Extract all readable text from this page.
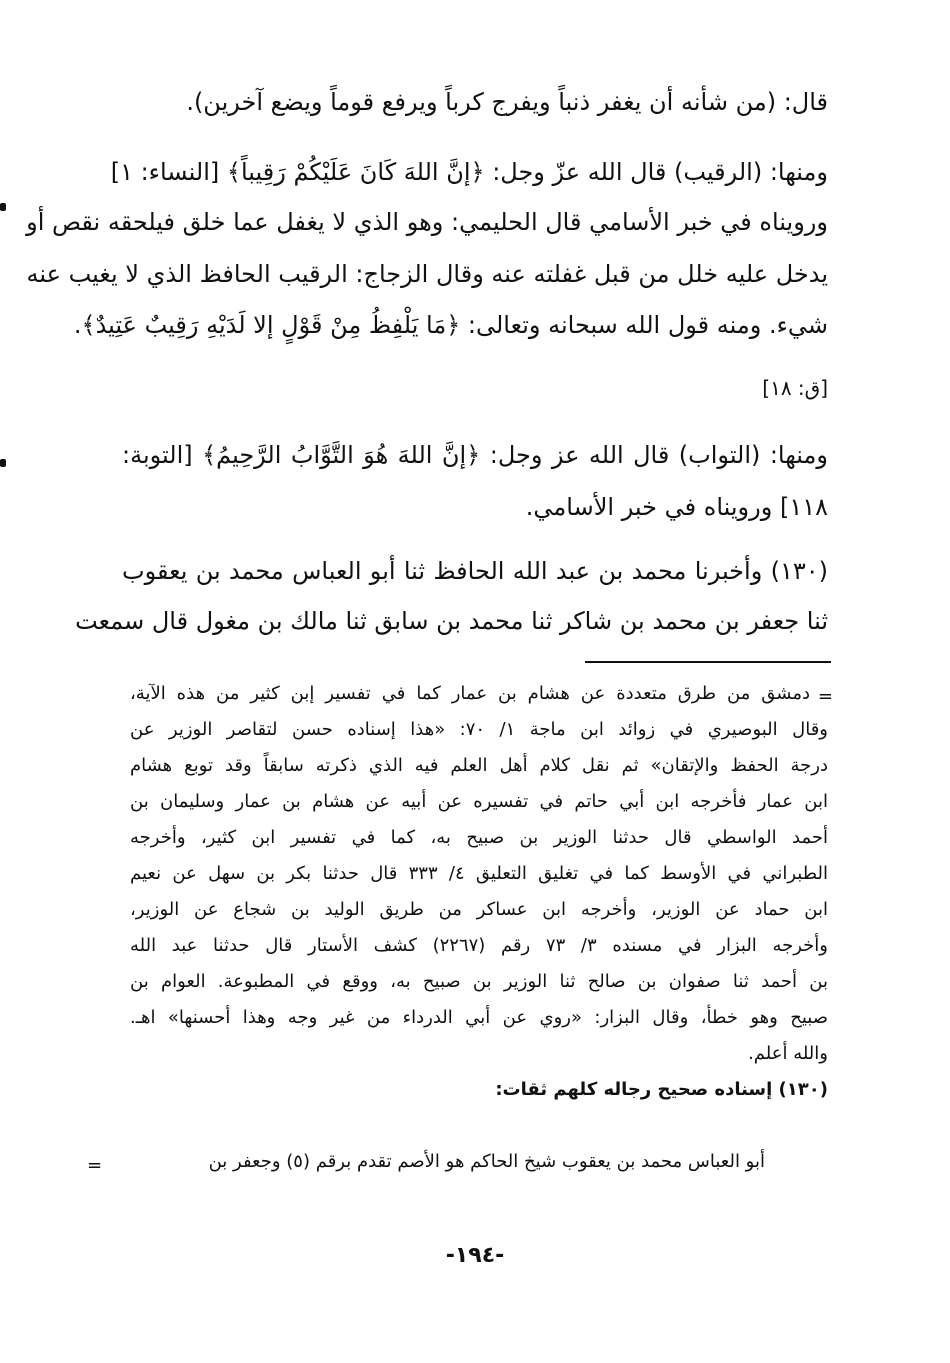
قال: (من شأنه أن يغفر ذنباً ويفرج كرباً ويرفع قوماً ويضع آخرين).
ومنها: (الرقيب) قال الله عزّ وجل: ﴿إنَّ اللهَ كَانَ عَلَيْكُمْ رَقِيباً﴾ [النساء: ١]
ورويناه في خبر الأسامي قال الحليمي: وهو الذي لا يغفل عما خلق فيلحقه نقص أو
يدخل عليه خلل من قبل غفلته عنه وقال الزجاج: الرقيب الحافظ الذي لا يغيب عنه
شيء. ومنه قول الله سبحانه وتعالى: ﴿مَا يَلْفِظُ مِنْ قَوْلٍ إلا لَدَيْهِ رَقِيبٌ عَتِيدٌ﴾.
[ق: ١٨]
ومنها: (التواب) قال الله عز وجل: ﴿إنَّ اللهَ هُوَ التَّوَّابُ الرَّحِيمُ﴾ [التوبة:
١١٨] ورويناه في خبر الأسامي.
(١٣٠) وأخبرنا محمد بن عبد الله الحافظ ثنا أبو العباس محمد بن يعقوب
ثنا جعفر بن محمد بن شاكر ثنا محمد بن سابق ثنا مالك بن مغول قال سمعت
=
دمشق من طرق متعددة عن هشام بن عمار كما في تفسير إبن كثير من هذه الآية،
وقال البوصيري في زوائد ابن ماجة ١/ ٧٠: «هذا إسناده حسن لتقاصر الوزير عن
درجة الحفظ والإتقان» ثم نقل كلام أهل العلم فيه الذي ذكرته سابقاً وقد توبع هشام
ابن عمار فأخرجه ابن أبي حاتم في تفسيره عن أبيه عن هشام بن عمار وسليمان بن
أحمد الواسطي قال حدثنا الوزير بن صبيح به، كما في تفسير ابن كثير، وأخرجه
الطبراني في الأوسط كما في تغليق التعليق ٤/ ٣٣٣ قال حدثنا بكر بن سهل عن نعيم
ابن حماد عن الوزير، وأخرجه ابن عساكر من طريق الوليد بن شجاع عن الوزير،
وأخرجه البزار في مسنده ٣/ ٧٣ رقم (٢٢٦٧) كشف الأستار قال حدثنا عبد الله
بن أحمد ثنا صفوان بن صالح ثنا الوزير بن صبيح به، ووقع في المطبوعة. العوام بن
صبيح وهو خطأ، وقال البزار: «روي عن أبي الدرداء من غير وجه وهذا أحسنها» اهـ.
والله أعلم.
(١٣٠) إسناده صحيح رجاله كلهم ثقات:
أبو العباس محمد بن يعقوب شيخ الحاكم هو الأصم تقدم برقم (٥) وجعفر بن
=
-١٩٤-
